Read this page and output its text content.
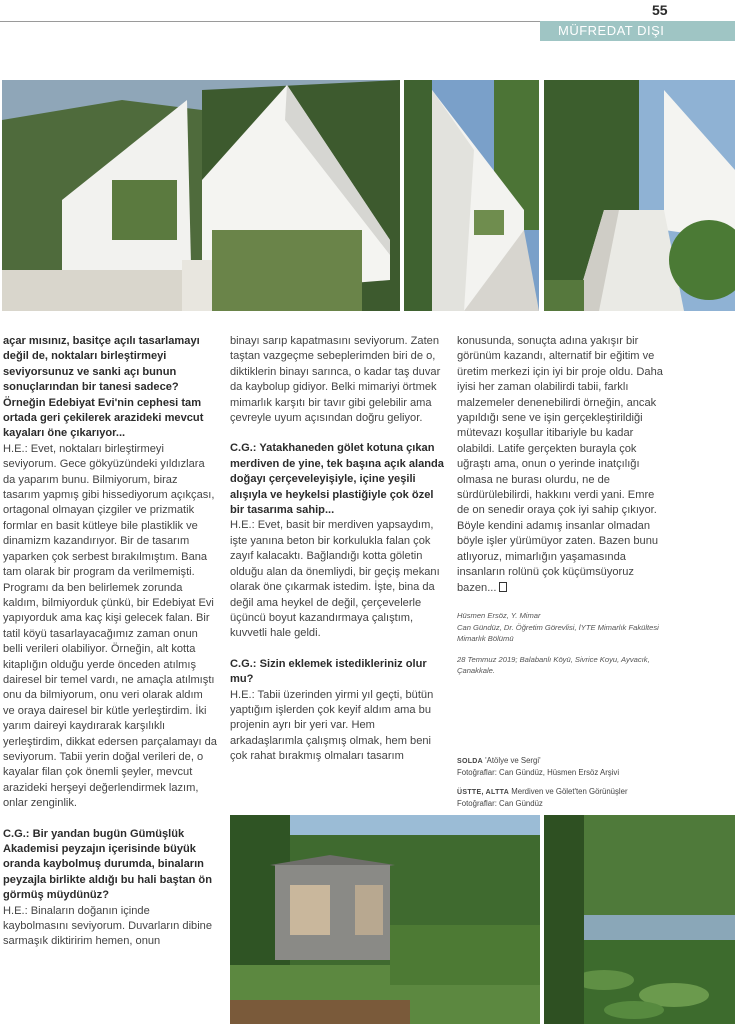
55
MÜFREDAT DIŞI

açar mısınız, basitçe açılı tasarlamayı değil de, noktaları birleştirmeyi seviyorsunuz ve sanki açı bunun sonuçlarından bir tanesi sadece? Örneğin Edebiyat Evi'nin cephesi tam ortada geri çekilerek arazideki mevcut kayaları öne çıkarıyor...

H.E.: Evet, noktaları birleştirmeyi seviyorum. Gece gökyüzündeki yıldızlara da yaparım bunu. Bilmiyorum, biraz tasarım yapmış gibi hissediyorum açıkçası, ortagonal olmayan çizgiler ve prizmatik formlar en basit kütleye bile plastiklik ve dinamizm kazandırıyor. Bir de tasarım yaparken çok serbest bırakılmıştım. Bana tam olarak bir program da verilmemişti. Programı da ben belirlemek zorunda kaldım, bilmiyorduk çünkü, bir Edebiyat Evi yapıyorduk ama kaç kişi gelecek falan. Bir tatil köyü tasarlayacağımız zaman onun belli verileri olabiliyor. Örneğin, alt kotta kitaplığın olduğu yerde önceden atılmış dairesel bir temel vardı, ne amaçla atılmıştı onu da bilmiyorum, onu veri olarak aldım ve oraya dairesel bir kütle yerleştirdim. İki yarım daireyi kaydırarak karşılıklı yerleştirdim, dikkat edersen parçalamayı da seviyorum. Tabii yerin doğal verileri de, o kayalar filan çok önemli şeyler, mevcut arazideki herşeyi değerlendirmek lazım, onlar zenginlik.

C.G.: Bir yandan bugün Gümüşlük Akademisi peyzajın içerisinde büyük oranda kaybolmuş durumda, binaların peyzajla birlikte aldığı bu hali baştan ön görmüş müydünüz?

H.E.: Binaların doğanın içinde kaybolmasını seviyorum. Duvarların dibine sarmaşık diktiririm hemen, onun

binayı sarıp kapatmasını seviyorum. Zaten taştan vazgeçme sebeplerimden biri de o, diktiklerin binayı sarınca, o kadar taş duvar da kaybolup gidiyor. Belki mimariyi örtmek mimarlık karşıtı bir tavır gibi gelebilir ama çevreyle uyum açısından doğru geliyor.

C.G.: Yatakhaneden gölet kotuna çıkan merdiven de yine, tek başına açık alanda doğayı çerçeveleyişiyle, içine yeşili alışıyla ve heykelsi plastiğiyle çok özel bir tasarıma sahip...

H.E.: Evet, basit bir merdiven yapsaydım, işte yanına beton bir korkulukla falan çok zayıf kalacaktı. Bağlandığı kotta göletin olduğu alan da önemliydi, bir geçiş mekanı olarak öne çıkarmak istedim. İşte, bina da değil ama heykel de değil, çerçevelerle üçüncü boyut kazandırmaya çalıştım, kuvvetli hale geldi.

C.G.: Sizin eklemek istedikleriniz olur mu?

H.E.: Tabii üzerinden yirmi yıl geçti, bütün yaptığım işlerden çok keyif aldım ama bu projenin ayrı bir yeri var. Hem arkadaşlarımla çalışmış olmak, hem beni çok rahat bırakmış olmaları tasarım

konusunda, sonuçta adına yakışır bir görünüm kazandı, alternatif bir eğitim ve üretim merkezi için iyi bir proje oldu. Daha iyisi her zaman olabilirdi tabii, farklı malzemeler denenebilirdi örneğin, ancak yapıldığı sene ve işin gerçekleştirildiği mütevazı koşullar itibariyle bu kadar olabildi. Latife gerçekten burayla çok uğraştı ama, onun o yerinde inatçılığı olmasa ne burası olurdu, ne de sürdürülebilirdi, hakkını verdi yani. Emre de on senedir oraya çok iyi sahip çıkıyor. Böyle kendini adamış insanlar olmadan böyle işler yürümüyor zaten. Bazen bunu atlıyoruz, mimarlığın yaşamasında insanların rolünü çok küçümsüyoruz bazen...

Hüsmen Ersöz, Y. Mimar
Can Gündüz, Dr. Öğretim Görevlisi, İYTE Mimarlık Fakültesi Mimarlık Bölümü
28 Temmuz 2019; Balabanlı Köyü, Sivrice Koyu, Ayvacık, Çanakkale.
SOLDA 'Atölye ve Sergi'
Fotoğraflar: Can Gündüz, Hüsmen Ersöz Arşivi
ÜSTTE, ALTTA Merdiven ve Gölet'ten Görünüşler
Fotoğraflar: Can Gündüz
